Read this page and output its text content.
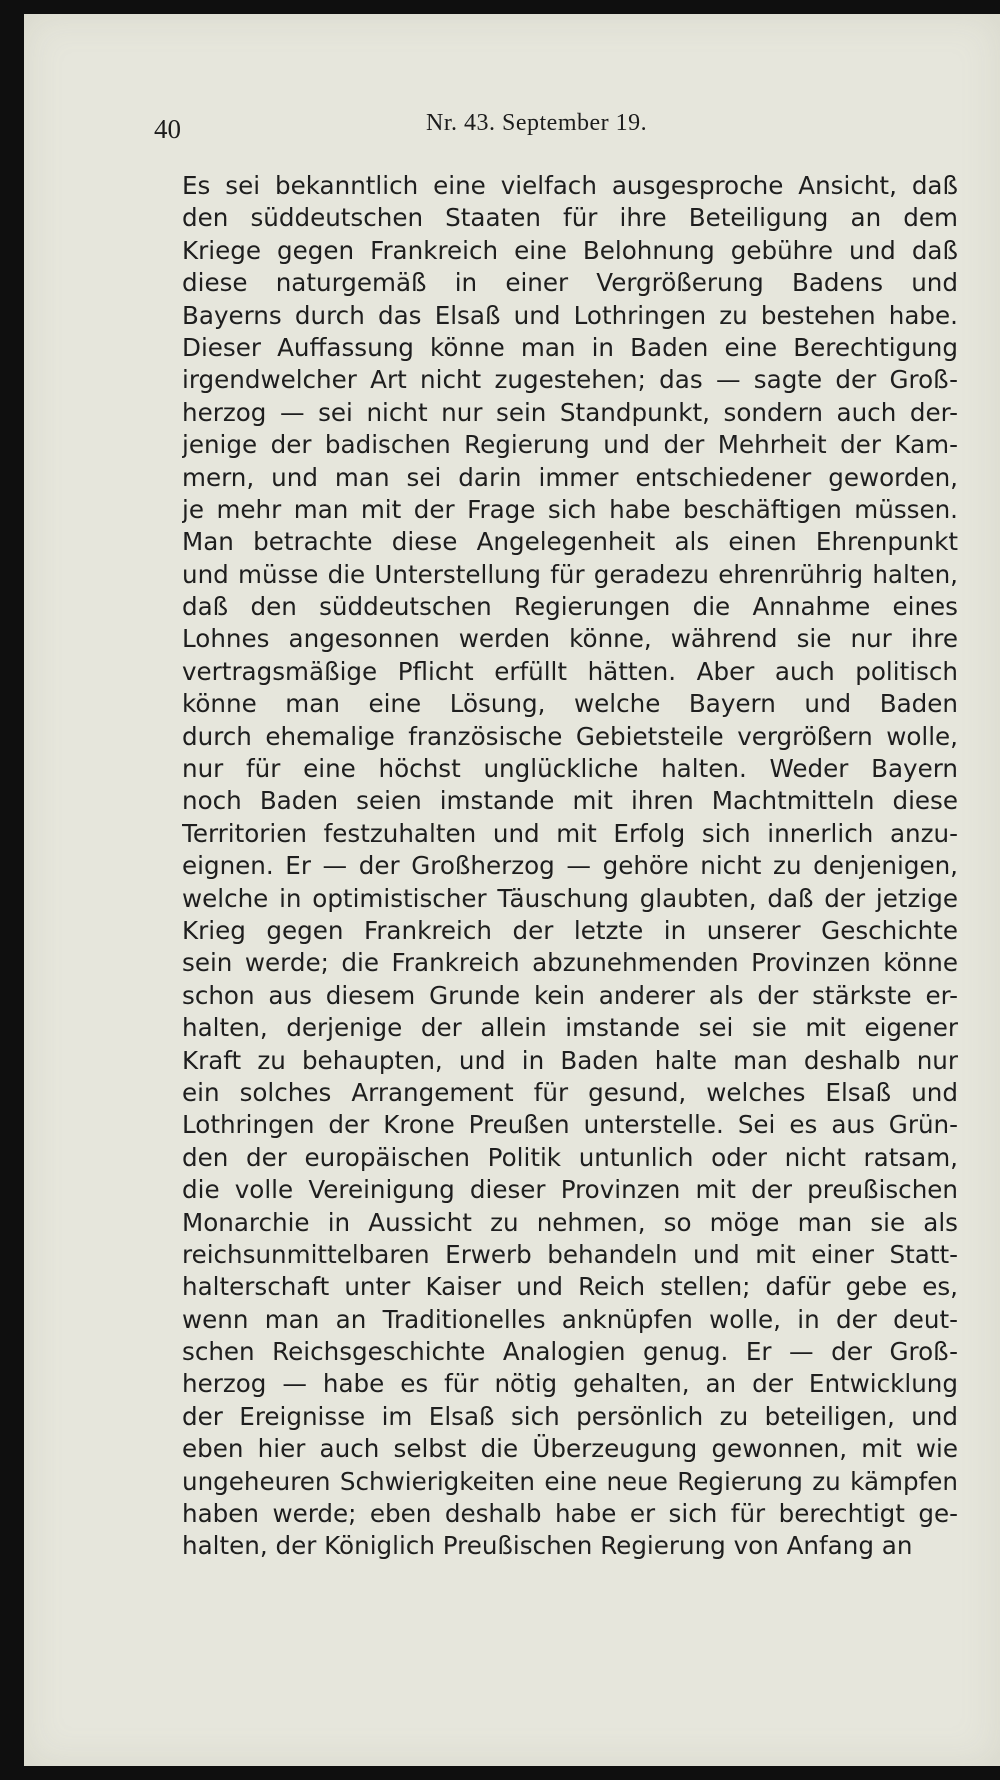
40	Nr. 43. September 19.
Es sei bekanntlich eine vielfach ausgesproche Ansicht, daß
den süddeutschen Staaten für ihre Beteiligung an dem
Kriege gegen Frankreich eine Belohnung gebühre und daß
diese naturgemäß in einer Vergrößerung Badens und
Bayerns durch das Elsaß und Lothringen zu bestehen habe.
Dieser Auffassung könne man in Baden eine Berechtigung
irgendwelcher Art nicht zugestehen; das — sagte der Groß-
herzog — sei nicht nur sein Standpunkt, sondern auch der-
jenige der badischen Regierung und der Mehrheit der Kam-
mern, und man sei darin immer entschiedener geworden,
je mehr man mit der Frage sich habe beschäftigen müssen.
Man betrachte diese Angelegenheit als einen Ehrenpunkt
und müsse die Unterstellung für geradezu ehrenrührig halten,
daß den süddeutschen Regierungen die Annahme eines
Lohnes angesonnen werden könne, während sie nur ihre
vertragsmäßige Pflicht erfüllt hätten. Aber auch politisch
könne man eine Lösung, welche Bayern und Baden
durch ehemalige französische Gebietsteile vergrößern wolle,
nur für eine höchst unglückliche halten. Weder Bayern
noch Baden seien imstande mit ihren Machtmitteln diese
Territorien festzuhalten und mit Erfolg sich innerlich anzu-
eignen. Er — der Großherzog — gehöre nicht zu denjenigen,
welche in optimistischer Täuschung glaubten, daß der jetzige
Krieg gegen Frankreich der letzte in unserer Geschichte
sein werde; die Frankreich abzunehmenden Provinzen könne
schon aus diesem Grunde kein anderer als der stärkste er-
halten, derjenige der allein imstande sei sie mit eigener
Kraft zu behaupten, und in Baden halte man deshalb nur
ein solches Arrangement für gesund, welches Elsaß und
Lothringen der Krone Preußen unterstelle. Sei es aus Grün-
den der europäischen Politik untunlich oder nicht ratsam,
die volle Vereinigung dieser Provinzen mit der preußischen
Monarchie in Aussicht zu nehmen, so möge man sie als
reichsunmittelbaren Erwerb behandeln und mit einer Statt-
halterschaft unter Kaiser und Reich stellen; dafür gebe es,
wenn man an Traditionelles anknüpfen wolle, in der deut-
schen Reichsgeschichte Analogien genug. Er — der Groß-
herzog — habe es für nötig gehalten, an der Entwicklung
der Ereignisse im Elsaß sich persönlich zu beteiligen, und
eben hier auch selbst die Überzeugung gewonnen, mit wie
ungeheuren Schwierigkeiten eine neue Regierung zu kämpfen
haben werde; eben deshalb habe er sich für berechtigt ge-
halten, der Königlich Preußischen Regierung von Anfang an
